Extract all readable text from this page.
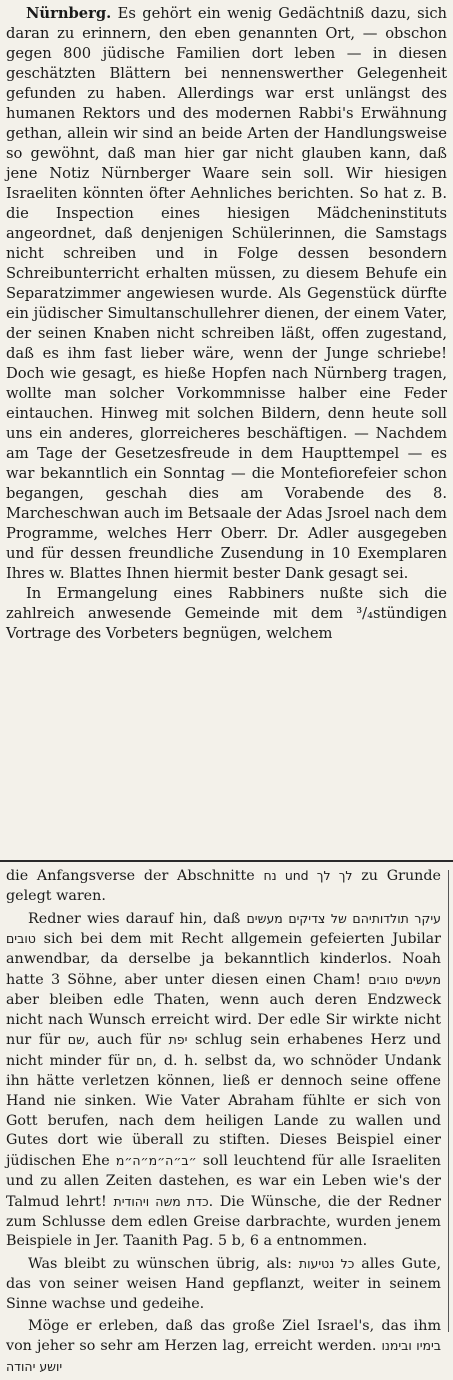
Nürnberg. Es gehört ein wenig Gedächtniß dazu, sich daran zu erinnern, den eben genannten Ort, — obschon gegen 800 jüdische Familien dort leben — in diesen geschätzten Blättern bei nennenswerther Gelegenheit gefunden zu haben. Allerdings war erst unlängst des humanen Rektors und des modernen Rabbi's Erwähnung gethan, allein wir sind an beide Arten der Handlungsweise so gewöhnt, daß man hier gar nicht glauben kann, daß jene Notiz Nürnberger Waare sein soll. Wir hiesigen Israeliten könnten öfter Aehnliches berichten. So hat z. B. die Inspection eines hiesigen Mädcheninstituts angeordnet, daß denjenigen Schülerinnen, die Samstags nicht schreiben und in Folge dessen besondern Schreibunterricht erhalten müssen, zu diesem Behufe ein Separatzimmer angewiesen wurde. Als Gegenstück dürfte ein jüdischer Simultanschullehrer dienen, der einem Vater, der seinen Knaben nicht schreiben läßt, offen zugestand, daß es ihm fast lieber wäre, wenn der Junge schriebe! Doch wie gesagt, es hieße Hopfen nach Nürnberg tragen, wollte man solcher Vorkommnisse halber eine Feder eintauchen. Hinweg mit solchen Bildern, denn heute soll uns ein anderes, glorreicheres beschäftigen. — Nachdem am Tage der Gesetzesfreude in dem Haupttempel — es war bekanntlich ein Sonntag — die Montefiorefeier schon begangen, geschah dies am Vorabende des 8. Marcheschwan auch im Betsaale der Adas Jsroel nach dem Programme, welches Herr Oberr. Dr. Adler ausgegeben und für dessen freundliche Zusendung in 10 Exemplaren Ihres w. Blattes Ihnen hiermit bester Dank gesagt sei.

In Ermangelung eines Rabbiners nußte sich die zahlreich anwesende Gemeinde mit dem ³/₄stündigen Vortrage des Vorbeters begnügen, welchem

die Anfangsverse der Abschnitte לך לך und נח zu Grunde gelegt waren.

Redner wies darauf hin, daß עיקר תולדותיהם של צדיקים מעשים טובים sich bei dem mit Recht allgemein gefeierten Jubilar anwendbar, da derselbe ja bekanntlich kinderlos. Noah hatte 3 Söhne, aber unter diesen einen Cham! מעשים טובים aber bleiben edle Thaten, wenn auch deren Endzweck nicht nach Wunsch erreicht wird. Der edle Sir wirkte nicht nur für שם, auch für יפת schlug sein erhabenes Herz und nicht minder für חם, d. h. selbst da, wo schnöder Undank ihn hätte verletzen können, ließ er dennoch seine offene Hand nie sinken. Wie Vater Abraham fühlte er sich von Gott berufen, nach dem heiligen Lande zu wallen und Gutes dort wie überall zu stiften. Dieses Beispiel einer jüdischen Ehe ״ב״ה״מ״ה״מ soll leuchtend für alle Israeliten und zu allen Zeiten dastehen, es war ein Leben wie's der Talmud lehrt! כדת משה ויהודית. Die Wünsche, die der Redner zum Schlusse dem edlen Greise darbrachte, wurden jenem Beispiele in Jer. Taanith Pag. 5 b, 6 a entnommen.

Was bleibt zu wünschen übrig, als: כל נטיעות alles Gute, das von seiner weisen Hand gepflanzt, weiter in seinem Sinne wachse und gedeihe.

Möge er erleben, daß das große Ziel Israel's, das ihm von jeher so sehr am Herzen lag, erreicht werden. בימיו ובימנו יושע יהודה
